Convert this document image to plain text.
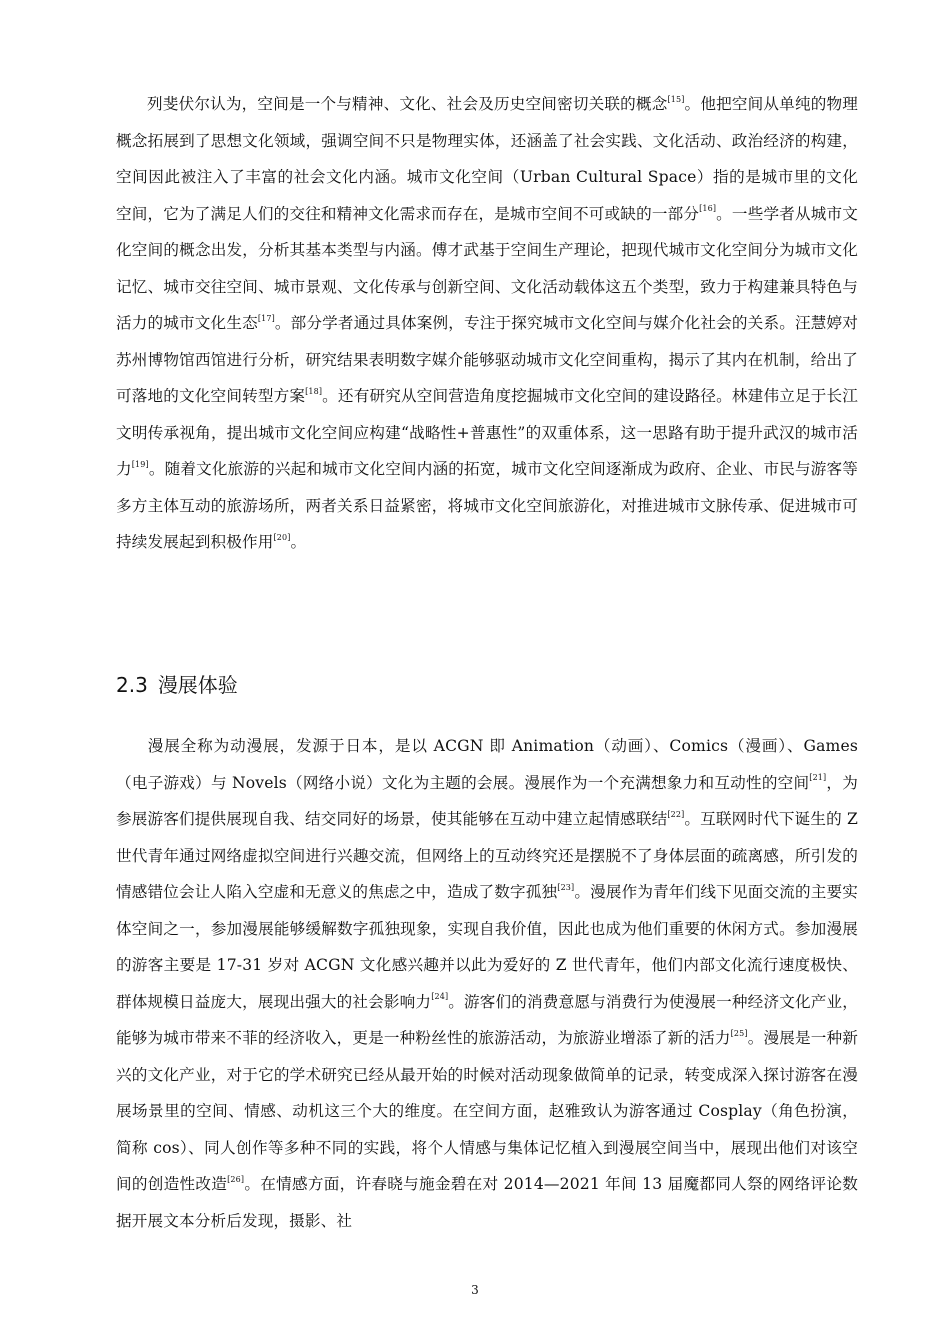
列斐伏尔认为，空间是一个与精神、文化、社会及历史空间密切关联的概念[15]。他把空间从单纯的物理概念拓展到了思想文化领域，强调空间不只是物理实体，还涵盖了社会实践、文化活动、政治经济的构建，空间因此被注入了丰富的社会文化内涵。城市文化空间（Urban Cultural Space）指的是城市里的文化空间，它为了满足人们的交往和精神文化需求而存在，是城市空间不可或缺的一部分[16]。一些学者从城市文化空间的概念出发，分析其基本类型与内涵。傅才武基于空间生产理论，把现代城市文化空间分为城市文化记忆、城市交往空间、城市景观、文化传承与创新空间、文化活动载体这五个类型，致力于构建兼具特色与活力的城市文化生态[17]。部分学者通过具体案例，专注于探究城市文化空间与媒介化社会的关系。汪慧婷对苏州博物馆西馆进行分析，研究结果表明数字媒介能够驱动城市文化空间重构，揭示了其内在机制，给出了可落地的文化空间转型方案[18]。还有研究从空间营造角度挖掘城市文化空间的建设路径。林建伟立足于长江文明传承视角，提出城市文化空间应构建“战略性+普惠性”的双重体系，这一思路有助于提升武汉的城市活力[19]。随着文化旅游的兴起和城市文化空间内涵的拓宽，城市文化空间逐渐成为政府、企业、市民与游客等多方主体互动的旅游场所，两者关系日益紧密，将城市文化空间旅游化，对推进城市文脉传承、促进城市可持续发展起到积极作用[20]。

2.3 漫展体验

漫展全称为动漫展，发源于日本，是以 ACGN 即 Animation（动画）、Comics（漫画）、Games（电子游戏）与 Novels（网络小说）文化为主题的会展。漫展作为一个充满想象力和互动性的空间[21]，为参展游客们提供展现自我、结交同好的场景，使其能够在互动中建立起情感联结[22]。互联网时代下诞生的 Z 世代青年通过网络虚拟空间进行兴趣交流，但网络上的互动终究还是摆脱不了身体层面的疏离感，所引发的情感错位会让人陷入空虚和无意义的焦虑之中，造成了数字孤独[23]。漫展作为青年们线下见面交流的主要实体空间之一，参加漫展能够缓解数字孤独现象，实现自我价值，因此也成为他们重要的休闲方式。参加漫展的游客主要是 17-31 岁对 ACGN 文化感兴趣并以此为爱好的 Z 世代青年，他们内部文化流行速度极快、群体规模日益庞大，展现出强大的社会影响力[24]。游客们的消费意愿与消费行为使漫展一种经济文化产业，能够为城市带来不菲的经济收入，更是一种粉丝性的旅游活动，为旅游业增添了新的活力[25]。漫展是一种新兴的文化产业，对于它的学术研究已经从最开始的时候对活动现象做简单的记录，转变成深入探讨游客在漫展场景里的空间、情感、动机这三个大的维度。在空间方面，赵雅致认为游客通过 Cosplay（角色扮演，简称 cos）、同人创作等多种不同的实践，将个人情感与集体记忆植入到漫展空间当中，展现出他们对该空间的创造性改造[26]。在情感方面，许春晓与施金碧在对 2014—2021 年间 13 届魔都同人祭的网络评论数据开展文本分析后发现，摄影、社

3
